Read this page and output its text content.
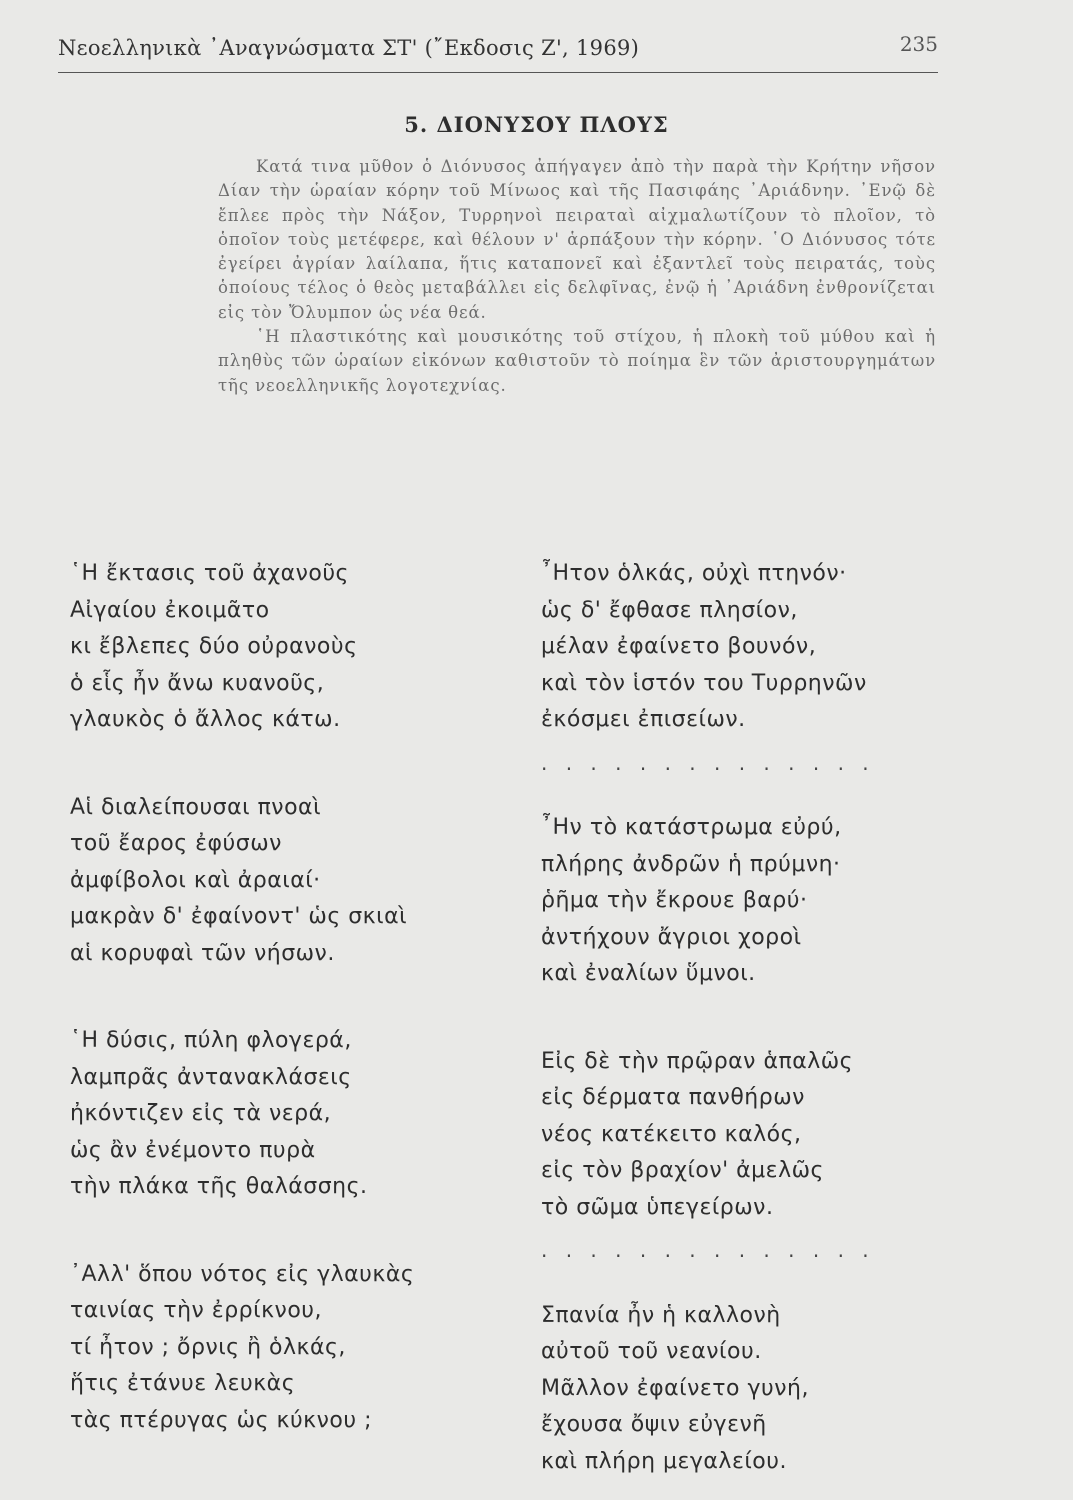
Νεοελληνικὰ ᾿Αναγνώσματα ΣΤ' (῎Εκδοσις Ζ', 1969)	235
5. ΔΙΟΝΥΣΟΥ ΠΛΟΥΣ

Κατά τινα μῦθον ὁ Διόνυσος ἀπήγαγεν ἀπὸ τὴν παρὰ τὴν Κρήτην νῆσον Δίαν τὴν ὡραίαν κόρην τοῦ Μίνωος καὶ τῆς Πασιφάης ᾿Αριάδνην. ᾿Ενῷ δὲ ἔπλεε πρὸς τὴν Νάξον, Τυρρηνοὶ πειραταὶ αἰχμαλωτίζουν τὸ πλοῖον, τὸ ὁποῖον τοὺς μετέφερε, καὶ θέλουν ν' ἁρπάξουν τὴν κόρην. ῾Ο Διόνυσος τότε ἐγείρει ἀγρίαν λαίλαπα, ἥτις καταπονεῖ καὶ ἐξαντλεῖ τοὺς πειρατάς, τοὺς ὁποίους τέλος ὁ θεὸς μεταβάλλει εἰς δελφῖνας, ἐνῷ ἡ ᾿Αριάδνη ἐνθρονίζεται εἰς τὸν Ὄλυμπον ὡς νέα θεά.

῾Η πλαστικότης καὶ μουσικότης τοῦ στίχου, ἡ πλοκὴ τοῦ μύθου καὶ ἡ πληθὺς τῶν ὡραίων εἰκόνων καθιστοῦν τὸ ποίημα ἓν τῶν ἀριστουργημάτων τῆς νεοελληνικῆς λογοτεχνίας.

῾Η ἔκτασις τοῦ ἀχανοῦς
Αἰγαίου ἐκοιμᾶτο
κι ἔβλεπες δύο οὐρανοὺς
ὁ εἷς ἦν ἄνω κυανοῦς,
γλαυκὸς ὁ ἄλλος κάτω.
Αἱ διαλείπουσαι πνοαὶ
τοῦ ἔαρος ἐφύσων
ἀμφίβολοι καὶ ἀραιαί·
μακρὰν δ' ἐφαίνοντ' ὡς σκιαὶ
αἱ κορυφαὶ τῶν νήσων.
῾Η δύσις, πύλη φλογερά,
λαμπρᾶς ἀντανακλάσεις
ἠκόντιζεν εἰς τὰ νερά,
ὡς ἂν ἐνέμοντο πυρὰ
τὴν πλάκα τῆς θαλάσσης.
᾿Αλλ' ὅπου νότος εἰς γλαυκὰς
ταινίας τὴν ἐρρίκνου,
τί ἦτον ; ὄρνις ἢ ὁλκάς,
ἥτις ἐτάνυε λευκὰς
τὰς πτέρυγας ὡς κύκνου ;
῏Ητον ὁλκάς, οὐχὶ πτηνόν·
ὡς δ' ἔφθασε πλησίον,
μέλαν ἐφαίνετο βουνόν,
καὶ τὸν ἱστόν του Τυρρηνῶν
ἐκόσμει ἐπισείων.
. . . . . . . . . . . . . .
῏Ην τὸ κατάστρωμα εὐρύ,
πλήρης ἀνδρῶν ἡ πρύμνη·
ῥῆμα τὴν ἔκρουε βαρύ·
ἀντήχουν ἄγριοι χοροὶ
καὶ ἐναλίων ὕμνοι.
Εἰς δὲ τὴν πρῷραν ἁπαλῶς
εἰς δέρματα πανθήρων
νέος κατέκειτο καλός,
εἰς τὸν βραχίον' ἀμελῶς
τὸ σῶμα ὑπεγείρων.
. . . . . . . . . . . . . .
Σπανία ἦν ἡ καλλονὴ
αὐτοῦ τοῦ νεανίου.
Μᾶλλον ἐφαίνετο γυνή,
ἔχουσα ὄψιν εὐγενῆ
καὶ πλήρη μεγαλείου.
